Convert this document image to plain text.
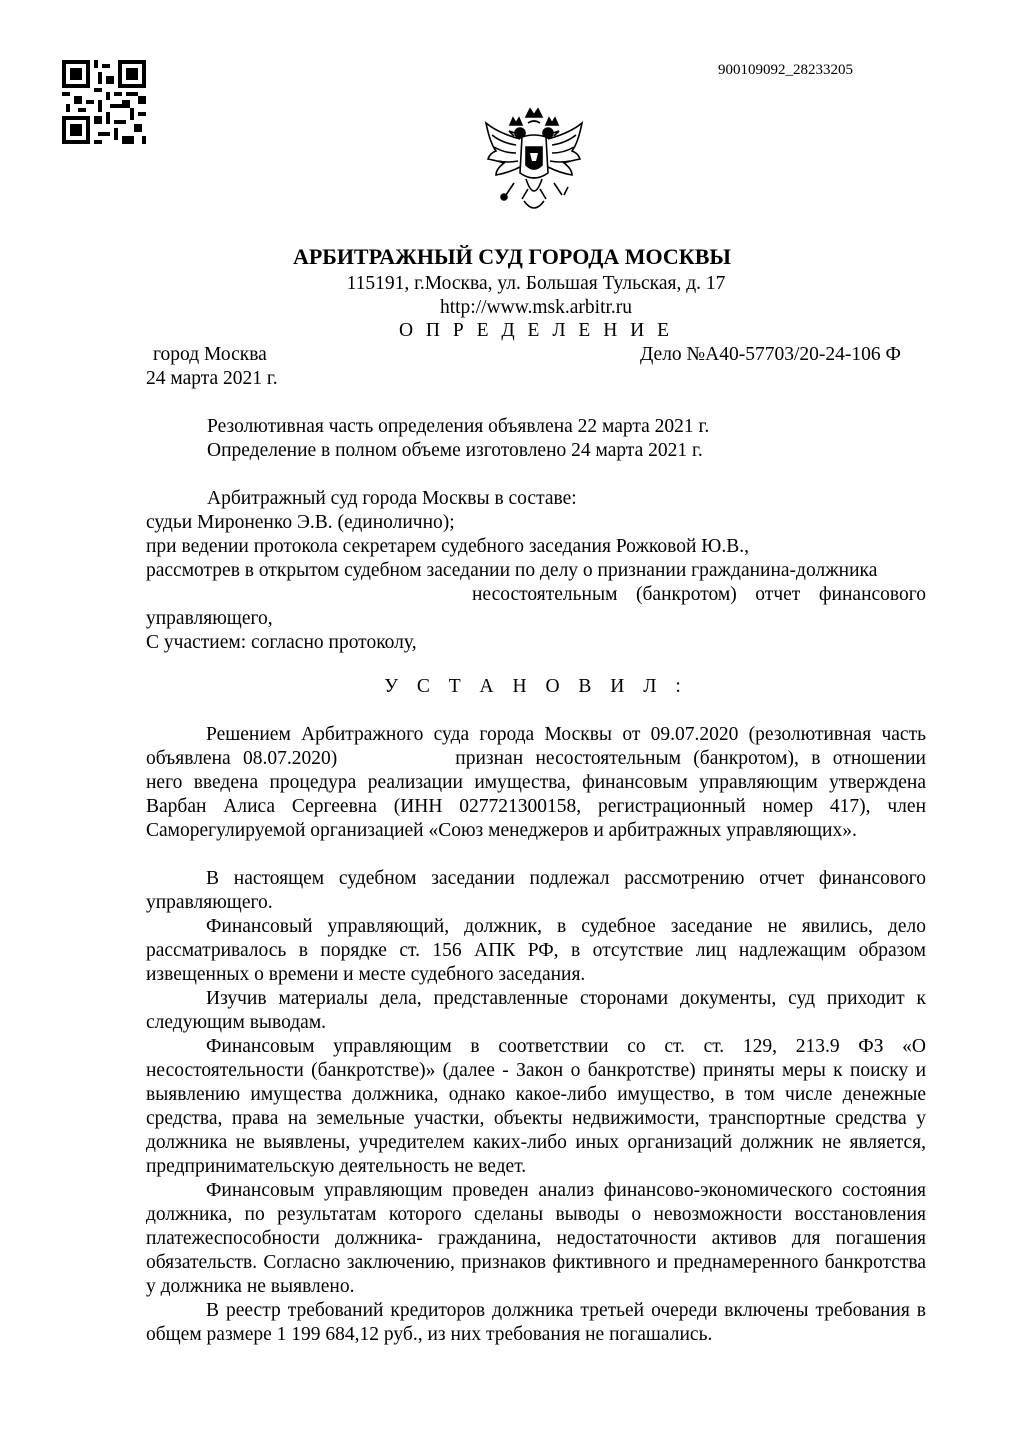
900109092_28233205
АРБИТРАЖНЫЙ СУД ГОРОДА МОСКВЫ
115191, г.Москва, ул. Большая Тульская, д. 17
http://www.msk.arbitr.ru
О П Р Е Д Е Л Е Н И Е
город Москва	Дело №А40-57703/20-24-106 Ф
24 марта 2021 г.
Резолютивная часть определения объявлена 22 марта 2021 г.
Определение в полном объеме изготовлено 24 марта 2021 г.
Арбитражный суд города Москвы в составе:
судьи Мироненко Э.В. (единолично);
при ведении протокола секретарем судебного заседания Рожковой Ю.В.,
рассмотрев в открытом судебном заседании по делу о признании гражданина-должника
несостоятельным (банкротом) отчет финансового
управляющего,
С участием: согласно протоколу,
У С Т А Н О В И Л :
Решением Арбитражного суда города Москвы от 09.07.2020 (резолютивная часть объявлена 08.07.2020)	признан несостоятельным (банкротом), в отношении него введена процедура реализации имущества, финансовым управляющим утверждена Варбан Алиса Сергеевна (ИНН 027721300158, регистрационный номер 417), член Саморегулируемой организацией «Союз менеджеров и арбитражных управляющих».
В настоящем судебном заседании подлежал рассмотрению отчет финансового управляющего.
Финансовый управляющий, должник, в судебное заседание не явились, дело рассматривалось в порядке ст. 156 АПК РФ, в отсутствие лиц надлежащим образом извещенных о времени и месте судебного заседания.
Изучив материалы дела, представленные сторонами документы, суд приходит к следующим выводам.
Финансовым управляющим в соответствии со ст. ст. 129, 213.9 ФЗ «О несостоятельности (банкротстве)» (далее - Закон о банкротстве) приняты меры к поиску и выявлению имущества должника, однако какое-либо имущество, в том числе денежные средства, права на земельные участки, объекты недвижимости, транспортные средства у должника не выявлены, учредителем каких-либо иных организаций должник не является, предпринимательскую деятельность не ведет.
Финансовым управляющим проведен анализ финансово-экономического состояния должника, по результатам которого сделаны выводы о невозможности восстановления платежеспособности должника- гражданина, недостаточности активов для погашения обязательств. Согласно заключению, признаков фиктивного и преднамеренного банкротства у должника не выявлено.
В реестр требований кредиторов должника третьей очереди включены требования в общем размере 1 199 684,12 руб., из них требования не погашались.
